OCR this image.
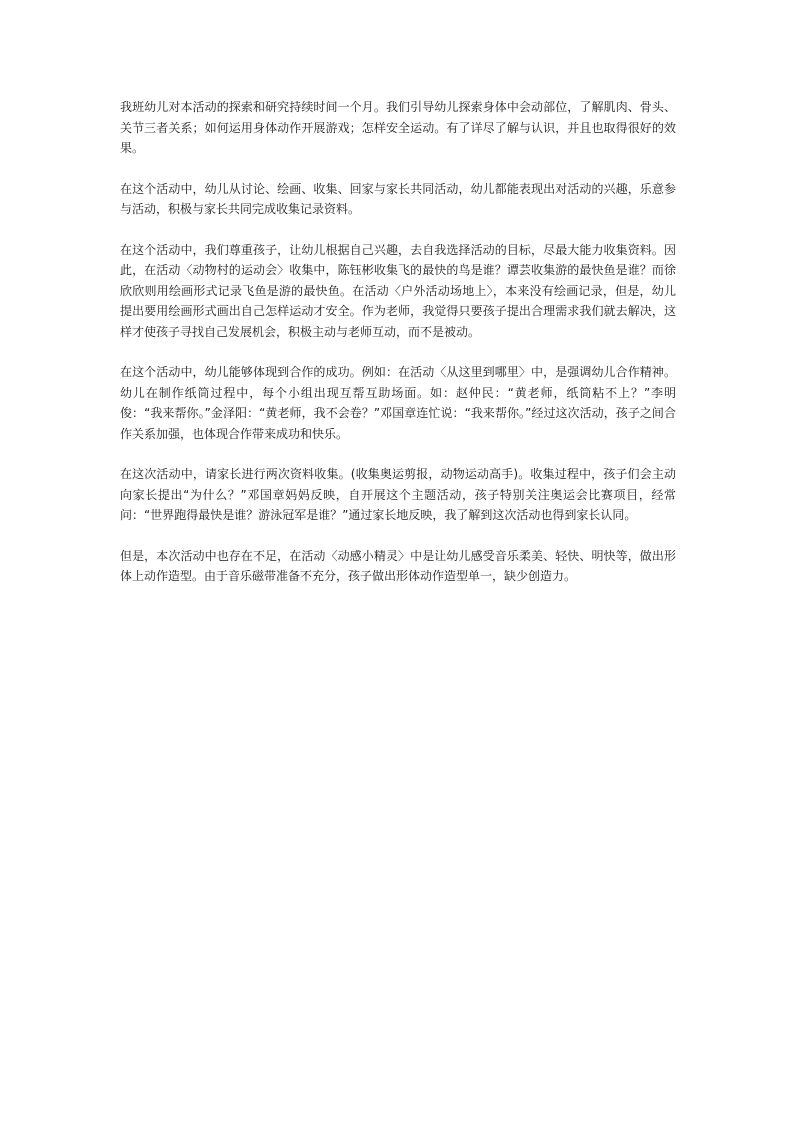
我班幼儿对本活动的探索和研究持续时间一个月。我们引导幼儿探索身体中会动部位，了解肌肉、骨头、关节三者关系；如何运用身体动作开展游戏；怎样安全运动。有了详尽了解与认识，并且也取得很好的效果。

在这个活动中，幼儿从讨论、绘画、收集、回家与家长共同活动，幼儿都能表现出对活动的兴趣，乐意参与活动，积极与家长共同完成收集记录资料。

在这个活动中，我们尊重孩子，让幼儿根据自己兴趣，去自我选择活动的目标，尽最大能力收集资料。因此，在活动〈动物村的运动会〉收集中，陈钰彬收集飞的最快的鸟是谁？谭芸收集游的最快鱼是谁？而徐欣欣则用绘画形式记录飞鱼是游的最快鱼。在活动〈户外活动场地上〉，本来没有绘画记录，但是，幼儿提出要用绘画形式画出自己怎样运动才安全。作为老师，我觉得只要孩子提出合理需求我们就去解决，这样才使孩子寻找自己发展机会，积极主动与老师互动，而不是被动。

在这个活动中，幼儿能够体现到合作的成功。例如：在活动〈从这里到哪里〉中，是强调幼儿合作精神。幼儿在制作纸筒过程中，每个小组出现互帮互助场面。如：赵仲民：“黄老师，纸筒粘不上？”李明俊：“我来帮你。”金泽阳：“黄老师，我不会卷？”邓国章连忙说：“我来帮你。”经过这次活动，孩子之间合作关系加强，也体现合作带来成功和快乐。

在这次活动中，请家长进行两次资料收集。(收集奥运剪报，动物运动高手)。收集过程中，孩子们会主动向家长提出“为什么？”邓国章妈妈反映，自开展这个主题活动，孩子特别关注奥运会比赛项目，经常问：“世界跑得最快是谁？游泳冠军是谁？”通过家长地反映，我了解到这次活动也得到家长认同。

但是，本次活动中也存在不足，在活动〈动感小精灵〉中是让幼儿感受音乐柔美、轻快、明快等，做出形体上动作造型。由于音乐磁带准备不充分，孩子做出形体动作造型单一，缺少创造力。
